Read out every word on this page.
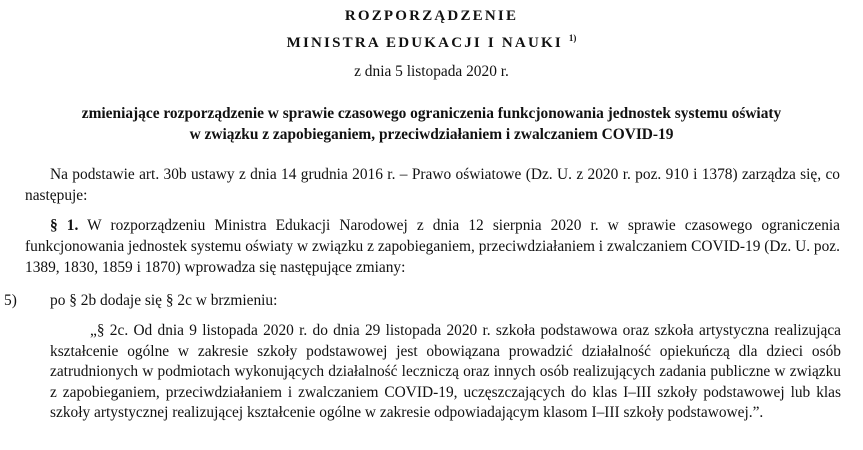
ROZPORZĄDZENIE
MINISTRA EDUKACJI I NAUKI $^{1)}$
z dnia 5 listopada 2020 r.
zmieniające rozporządzenie w sprawie czasowego ograniczenia funkcjonowania jednostek systemu oświaty
w związku z zapobieganiem, przeciwdziałaniem i zwalczaniem COVID-19
Na podstawie art. 30b ustawy z dnia 14 grudnia 2016 r. – Prawo oświatowe (Dz. U. z 2020 r. poz. 910 i 1378) zarządza się, co następuje:
§ 1. W rozporządzeniu Ministra Edukacji Narodowej z dnia 12 sierpnia 2020 r. w sprawie czasowego ograniczenia funkcjonowania jednostek systemu oświaty w związku z zapobieganiem, przeciwdziałaniem i zwalczaniem COVID-19 (Dz. U. poz. 1389, 1830, 1859 i 1870) wprowadza się następujące zmiany:
5) po § 2b dodaje się § 2c w brzmieniu:
„§ 2c. Od dnia 9 listopada 2020 r. do dnia 29 listopada 2020 r. szkoła podstawowa oraz szkoła artystyczna realizująca kształcenie ogólne w zakresie szkoły podstawowej jest obowiązana prowadzić działalność opiekuńczą dla dzieci osób zatrudnionych w podmiotach wykonujących działalność leczniczą oraz innych osób realizujących zadania publiczne w związku z zapobieganiem, przeciwdziałaniem i zwalczaniem COVID-19, uczęszczających do klas I–III szkoły podstawowej lub klas szkoły artystycznej realizującej kształcenie ogólne w zakresie odpowiadającym klasom I–III szkoły podstawowej.”.
